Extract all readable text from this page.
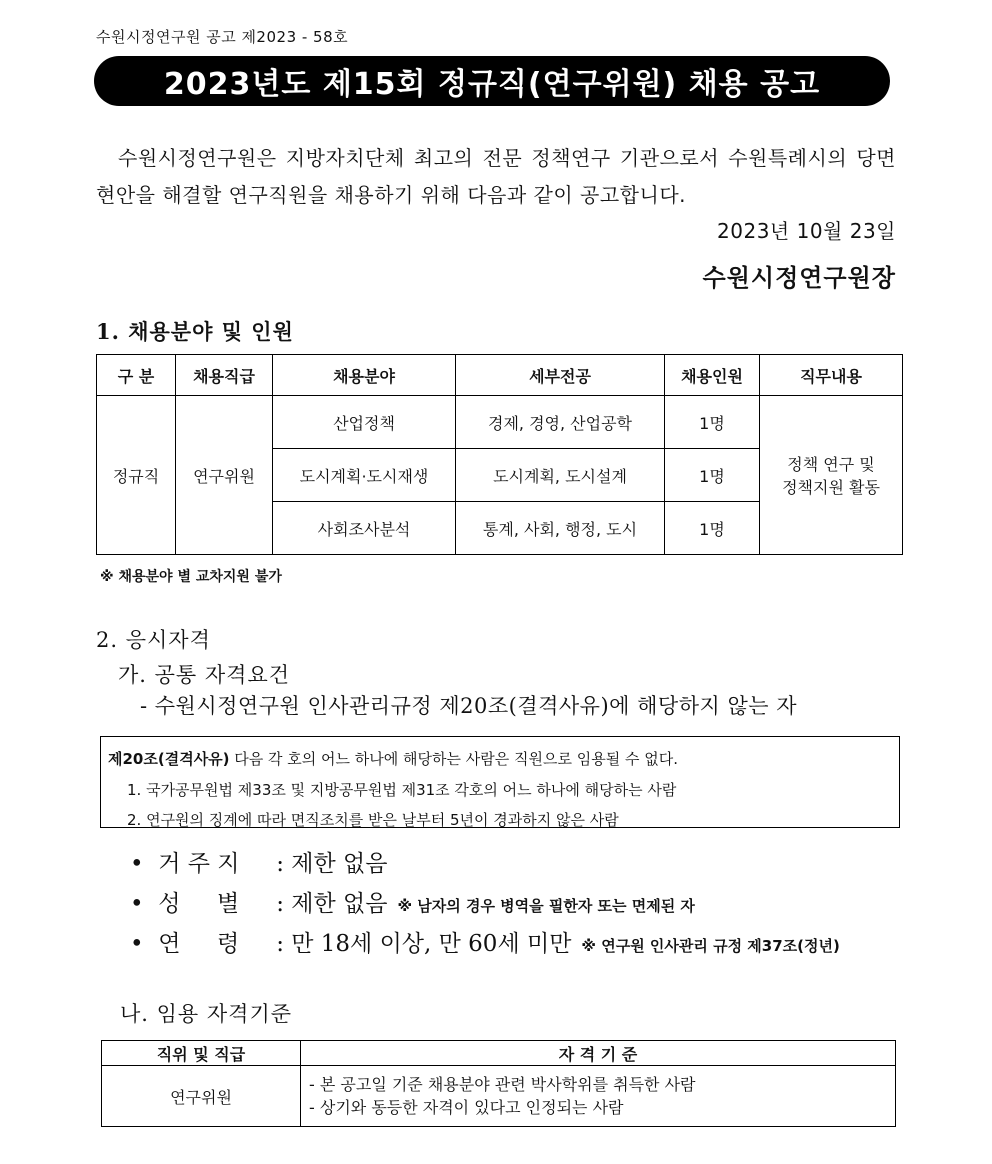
수원시정연구원 공고 제2023 - 58호
2023년도 제15회 정규직(연구위원) 채용 공고
수원시정연구원은 지방자치단체 최고의 전문 정책연구 기관으로서 수원특례시의 당면현안을 해결할 연구직원을 채용하기 위해 다음과 같이 공고합니다.
2023년 10월 23일
수원시정연구원장
1. 채용분야 및 인원
구 분	채용직급	채용분야	세부전공	채용인원	직무내용
정규직	연구위원	산업정책	경제, 경영, 산업공학	1명	정책 연구 및
정책지원 활동

		도시계획·도시재생	도시계획, 도시설계	1명	
		사회조사분석	통계, 사회, 행정, 도시	1명	
※ 채용분야 별 교차지원 불가
2. 응시자격
가. 공통 자격요건
- 수원시정연구원 인사관리규정 제20조(결격사유)에 해당하지 않는 자
제20조(결격사유) 다음 각 호의 어느 하나에 해당하는 사람은 직원으로 임용될 수 없다.
1. 국가공무원법 제33조 및 지방공무원법 제31조 각호의 어느 하나에 해당하는 사람
2. 연구원의 징계에 따라 면직조치를 받은 날부터 5년이 경과하지 않은 사람
• 거 주 지	: 제한 없음
• 성     별	: 제한 없음 ※ 남자의 경우 병역을 필한자 또는 면제된 자
• 연     령	: 만 18세 이상, 만 60세 미만 ※ 연구원 인사관리 규정 제37조(정년)
나. 임용 자격기준
직위 및 직급	자 격 기 준
연구위원	- 본 공고일 기준 채용분야 관련 박사학위를 취득한 사람
- 상기와 동등한 자격이 있다고 인정되는 사람
